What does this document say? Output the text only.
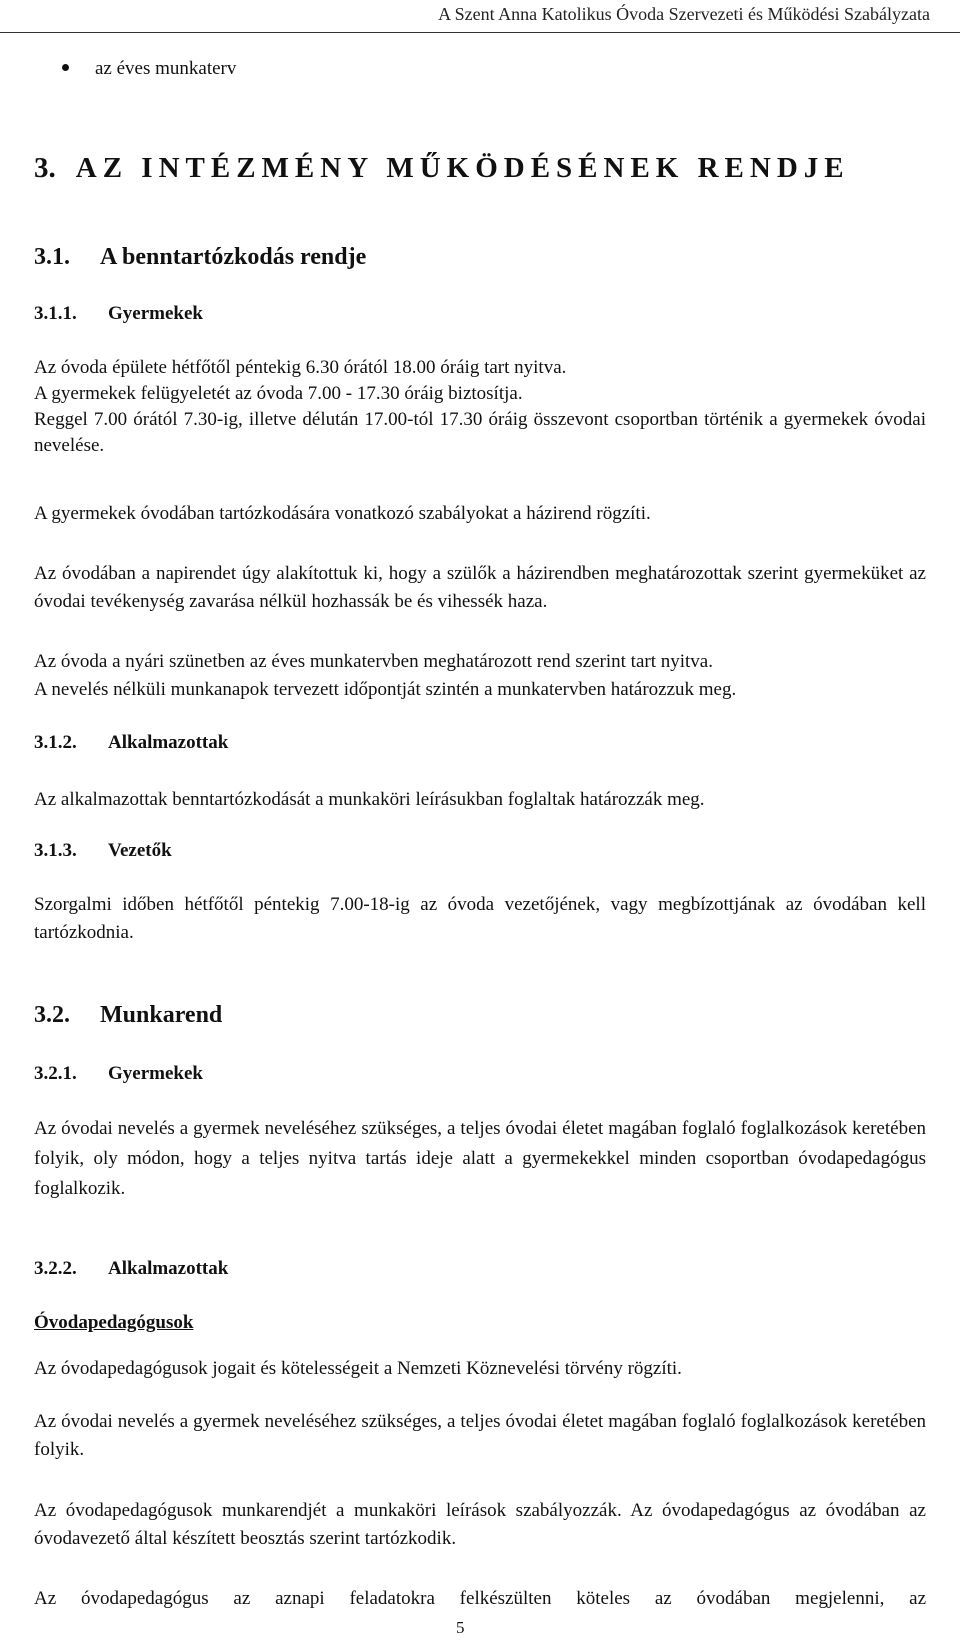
A Szent Anna Katolikus Óvoda Szervezeti és Működési Szabályzata
az éves munkaterv
3. AZ INTÉZMÉNY MŰKÖDÉSÉNEK RENDJE
3.1. A benntartózkodás rendje
3.1.1. Gyermekek
Az óvoda épülete hétfőtől péntekig 6.30 órától 18.00 óráig tart nyitva.
A gyermekek felügyeletét az óvoda 7.00 - 17.30 óráig biztosítja.
Reggel 7.00 órától 7.30-ig, illetve délután 17.00-tól 17.30 óráig összevont csoportban történik a gyermekek óvodai nevelése.
A gyermekek óvodában tartózkodására vonatkozó szabályokat a házirend rögzíti.
Az óvodában a napirendet úgy alakítottuk ki, hogy a szülők a házirendben meghatározottak szerint gyermeküket az óvodai tevékenység zavarása nélkül hozhassák be és vihessék haza.
Az óvoda a nyári szünetben az éves munkatervben meghatározott rend szerint tart nyitva.
A nevelés nélküli munkanapok tervezett időpontját szintén a munkatervben határozzuk meg.
3.1.2. Alkalmazottak
Az alkalmazottak benntartózkodását a munkaköri leírásukban foglaltak határozzák meg.
3.1.3. Vezetők
Szorgalmi időben hétfőtől péntekig 7.00-18-ig az óvoda vezetőjének, vagy megbízottjának az óvodában kell tartózkodnia.
3.2. Munkarend
3.2.1. Gyermekek
Az óvodai nevelés a gyermek neveléséhez szükséges, a teljes óvodai életet magában foglaló foglalkozások keretében folyik, oly módon, hogy a teljes nyitva tartás ideje alatt a gyermekekkel minden csoportban óvodapedagógus foglalkozik.
3.2.2. Alkalmazottak
Óvodapedagógusok
Az óvodapedagógusok jogait és kötelességeit a Nemzeti Köznevelési törvény rögzíti.
Az óvodai nevelés a gyermek neveléséhez szükséges, a teljes óvodai életet magában foglaló foglalkozások keretében folyik.
Az óvodapedagógusok munkarendjét a munkaköri leírások szabályozzák. Az óvodapedagógus az óvodában az óvodavezető által készített beosztás szerint tartózkodik.
Az óvodapedagógus az aznapi feladatokra felkészülten köteles az óvodában megjelenni, az
5
